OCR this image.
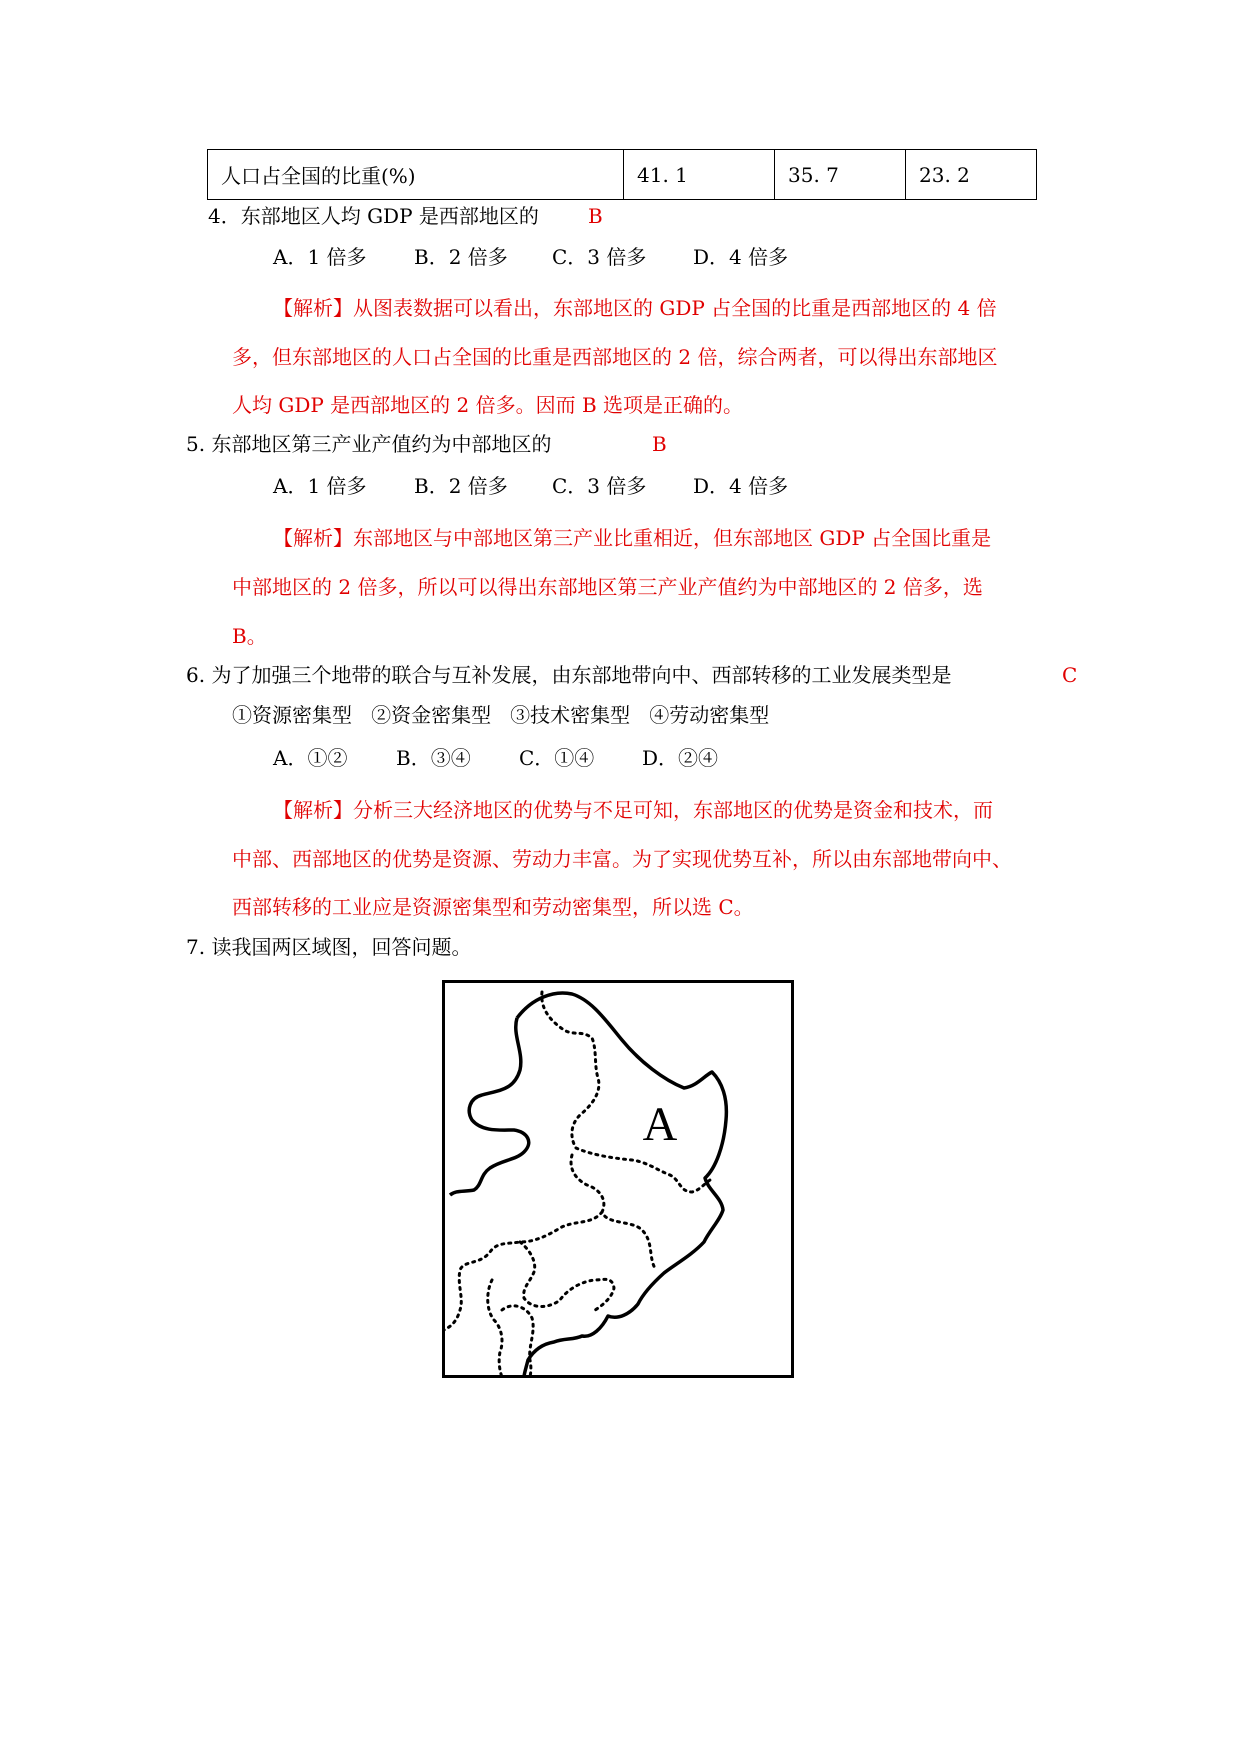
人口占全国的比重(%)	41. 1	35. 7	23. 2
4．东部地区人均 GDP 是西部地区的 B
A．1 倍多 B．2 倍多 C．3 倍多 D．4 倍多
【解析】从图表数据可以看出，东部地区的 GDP 占全国的比重是西部地区的 4 倍
多，但东部地区的人口占全国的比重是西部地区的 2 倍，综合两者，可以得出东部地区
人均 GDP 是西部地区的 2 倍多。因而 B 选项是正确的。
5. 东部地区第三产业产值约为中部地区的	B
A．1 倍多 B．2 倍多 C．3 倍多 D．4 倍多
【解析】东部地区与中部地区第三产业比重相近，但东部地区 GDP 占全国比重是
中部地区的 2 倍多，所以可以得出东部地区第三产业产值约为中部地区的 2 倍多，选
B。
6. 为了加强三个地带的联合与互补发展，由东部地带向中、西部转移的工业发展类型是	C
①资源密集型   ②资金密集型   ③技术密集型   ④劳动密集型
A．①② B．③④ C．①④ D．②④
【解析】分析三大经济地区的优势与不足可知，东部地区的优势是资金和技术，而
中部、西部地区的优势是资源、劳动力丰富。为了实现优势互补，所以由东部地带向中、
西部转移的工业应是资源密集型和劳动密集型，所以选 C。
7. 读我国两区域图，回答问题。
A
